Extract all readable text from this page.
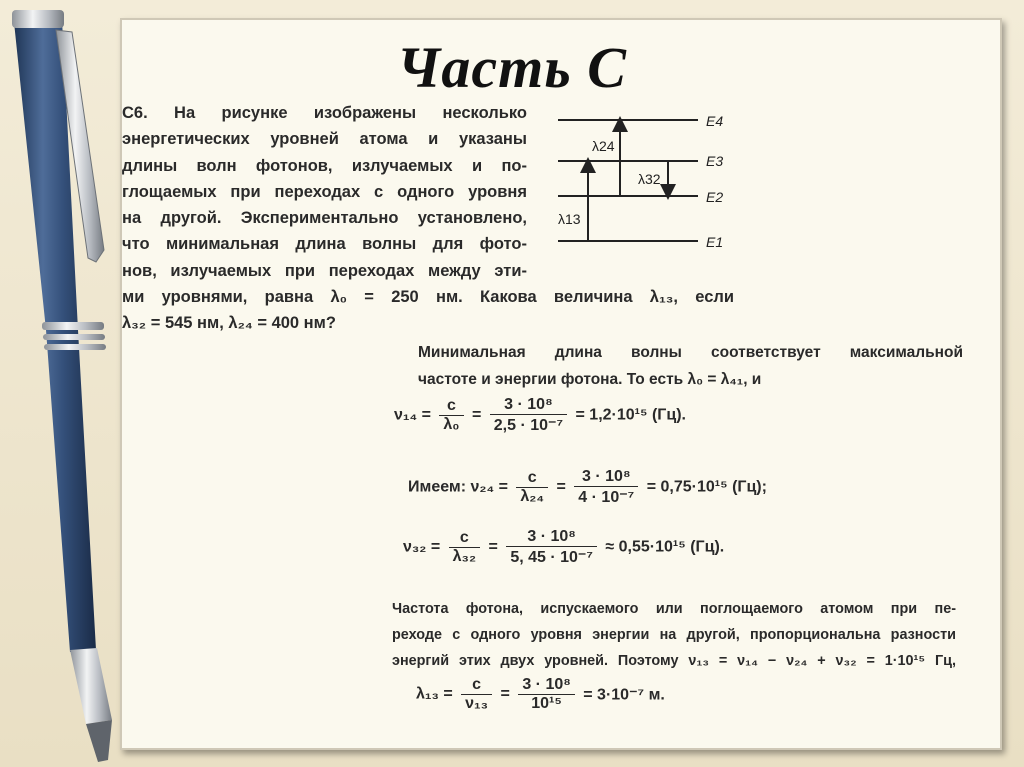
Часть С
С6. На рисунке изображены несколько
энергетических уровней атома и указаны
длины волн фотонов, излучаемых и по-
глощаемых при переходах с одного уровня
на другой. Экспериментально установлено,
что минимальная длина волны для фото-
нов, излучаемых при переходах между эти-
ми уровнями, равна λ₀ = 250 нм. Какова величина λ₁₃, если
λ₃₂ = 545 нм, λ₂₄ = 400 нм?
E4
E3
E2
E1
λ24
λ32
λ13
Минимальная длина волны соответствует максимальной
частоте и энергии фотона. То есть λ₀ = λ₄₁, и
$\nu_{14} = \frac{c}{\text{λ₀}} = \frac{\text{3 · 10⁸}}{\text{2,5 · 10⁻⁷}} = 1,2\cdot 10^{15}$ (Гц).
Имеем: $\nu_{24} = \frac{c}{\text{λ₂₄}} = \frac{\text{3 · 10⁸}}{\text{4 · 10⁻⁷}} = 0,75\cdot 10^{15}$ (Гц);
$\nu_{32} = \frac{c}{\text{λ₃₂}} = \frac{\text{3 · 10⁸}}{\text{5, 45 · 10⁻⁷}} \approx 0,55\cdot 10^{15}$ (Гц).
Частота фотона, испускаемого или поглощаемого атомом при пе-
реходе с одного уровня энергии на другой, пропорциональна разности
энергий этих двух уровней. Поэтому ν₁₃ = ν₁₄ − ν₂₄ + ν₃₂ = 1·10¹⁵ Гц,
$\lambda_{13} = \frac{c}{\text{ν₁₃}} = \frac{\text{3 · 10⁸}}{\text{10¹⁵}} = 3\cdot 10^{-7}$ м.
